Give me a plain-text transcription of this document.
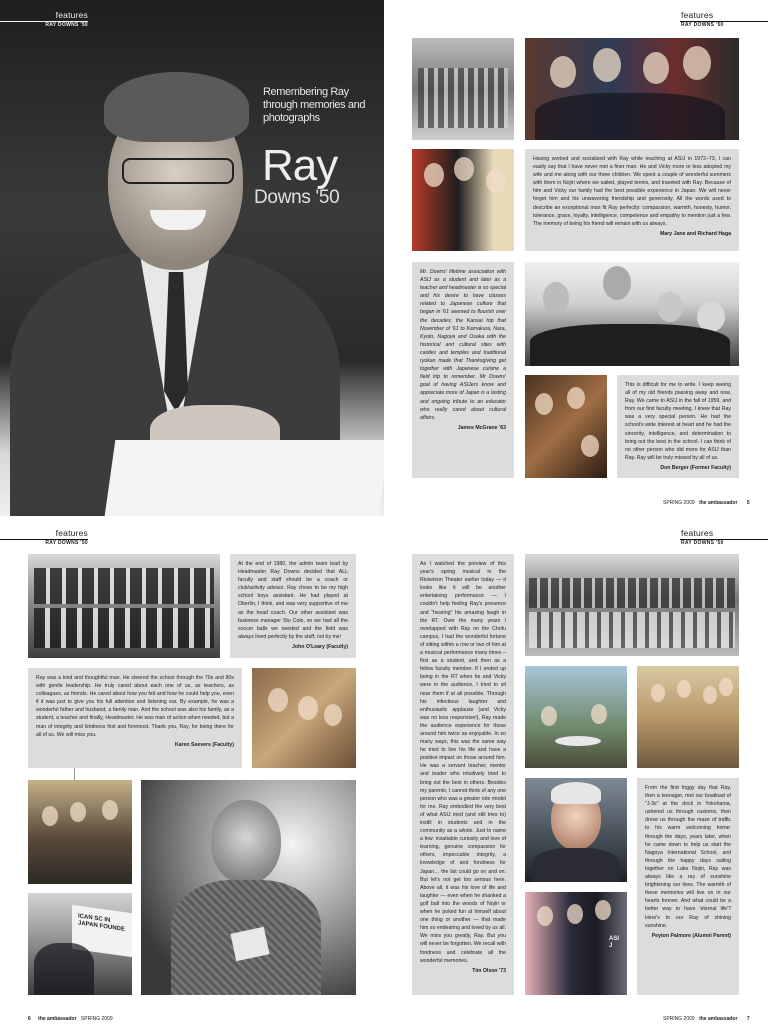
features
RAY DOWNS '50
Remembering Ray through memories and photographs
Ray
Downs '50
features
RAY DOWNS '50
Having worked and socialized with Ray while teaching at ASIJ in 1972–73, I can easily say that I have never met a finer man. He and Vicky more or less adopted my wife and me along with our three children. We spent a couple of wonderful summers with them in Nojiri where we sailed, played tennis, and traveled with Ray. Because of him and Vicky our family had the best possible experience in Japan. We will never forget him and his unwavering friendship and generosity. All the words used to describe an exceptional man fit Ray perfectly: compassion, warmth, honesty, humor, tolerance, grace, loyalty, intelligence, competence and empathy to mention just a few. The memory of being his friend will remain with us always.
Mary Jane and Richard Haga
Mr. Downs' lifetime association with ASIJ as a student and later as a teacher and headmaster is so special and his desire to have classes related to Japanese culture that began in '61 seemed to flourish over the decades; the Kansai trip that November of '61 to Kamakura, Nara, Kyoto, Nagoya and Osaka with the historical and cultural sites with castles and temples and traditional ryokan made that Thanksgiving get together with Japanese cuisine a field trip to remember. Mr Downs' goal of having ASIJers know and appreciate more of Japan is a lasting and ongoing tribute to an educator who really cared about cultural affairs.
James McGrane '63
This is difficult for me to write. I keep seeing all of my old friends passing away and now, Ray. We came to ASIJ in the fall of 1959, and from our first faculty meeting, I knew that Ray was a very special person. He had the school's wide interest at heart and he had the sincerity, intelligence, and determination to bring out the best in the school. I can think of no other person who did more for ASIJ than Ray. Ray will be truly missed by all of us.
Don Berger (Former Faculty)
SPRING 2009 the ambassador 5
features
RAY DOWNS '50
At the end of 1980, the admin team lead by Headmaster Ray Downs decided that ALL faculty and staff should be a coach or club/activity advisor. Ray chose to be my high school boys assistant. He had played at Oberlin, I think, and was very supportive of me as the head coach. Our other assistant was business manager Stu Cole, so we had all the soccer balls we needed and the field was always lined perfectly by the staff, not by me!
John O'Leary (Faculty)
Ray was a kind and thoughtful man. He steered the school through the 70s and 80s with gentle leadership. He truly cared about each one of us, as teachers, as colleagues, as friends. He cared about how you felt and how he could help you, even if it was just to give you his full attention and listening ear. By example, he was a wonderful father and husband; a family man. And the school was also his family, as a student, a teacher and finally, Headmaster. He was man of action when needed, but a man of integrity and kindness first and foremost. Thank you, Ray, for being there for all of us. We will miss you.
Karen Seevers (Faculty)
ICAN SC IN JAPAN FOUNDE
6 the ambassador SPRING 2009
features
RAY DOWNS '50
As I watched the preview of this year's spring musical in the Ricketson Theater earlier today — it looks like it will be another entertaining performance — I couldn't help feeling Ray's presence and "hearing" his amazing laugh in the RT. Over the many years I overlapped with Ray on the Chofu campus, I had the wonderful fortune of sitting within a row or two of him at a musical performance many times – first as a student, and then as a fellow faculty member. If I ended up being in the RT when he and Vicky were in the audience, I tried to sit near them if at all possible. Through his infectious laughter and enthusiastic applause (and Vicky was no less responsive!), Ray made the audience experience for those around him twice as enjoyable. In so many ways, this was the same way he tried to live his life and have a positive impact on those around him. He was a servant teacher, mentor and leader who intuitively tried to bring out the best in others. Besides my parents, I cannot think of any one person who was a greater role model for me. Ray embodied the very best of what ASIJ tried (and still tries to) instill in students and in the community as a whole. Just to name a few: insatiable curiosity and love of learning, genuine compassion for others, impeccable integrity, a knowledge of and fondness for Japan… the list could go on and on. But let's not get too serious here. Above all, it was his love of life and laughter — even when he shanked a golf ball into the woods of Nojiri or when he poked fun at himself about one thing or another — that made him so endearing and loved by us all. We miss you greatly, Ray. But you will never be forgotten. We recall with fondness and celebrate all the wonderful memories.
Tim Olson '73
From the first foggy day that Ray, then a teenager, met our boatload of "J-3s" at the dock in Yokohama, ushered us through customs, then drove us through the maze of traffic to his warm welcoming home: through the days, years later, when he came down to help us start the Nagoya International School, and through the happy days sailing together on Lake Nojiri, Ray was always like a ray of sunshine brightening our lives. The warmth of these memories will live on in our hearts forever. And what could be a better way to have 'eternal life'? Here's to our Ray of shining sunshine.
Peyton Palmore (Alumni Parent)
ASIJ
SPRING 2009 the ambassador 7
